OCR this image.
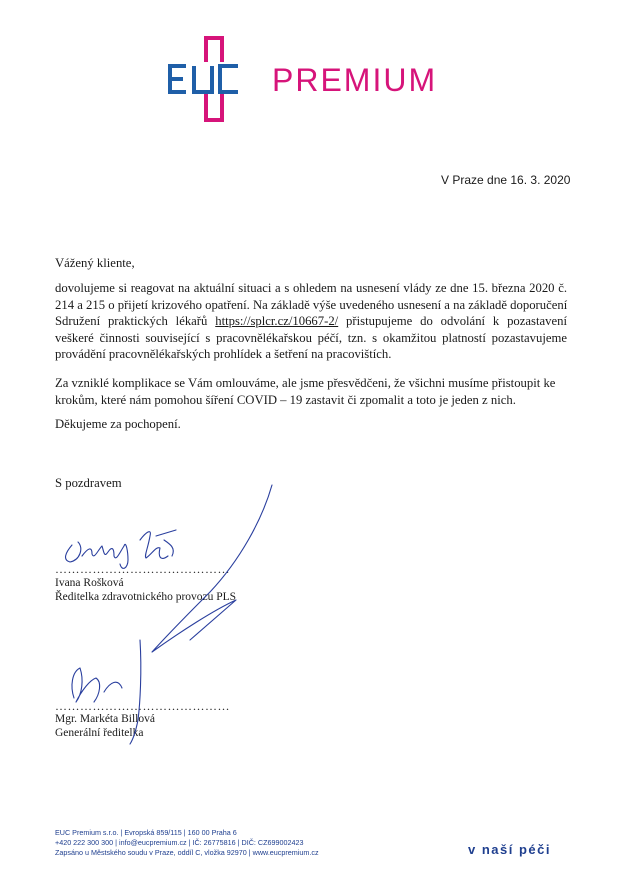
PREMIUM
V Praze dne 16. 3. 2020
Vážený kliente,
dovolujeme si reagovat na aktuální situaci a s ohledem na usnesení vlády ze dne 15. března 2020 č.
214 a 215 o přijetí krizového opatření. Na základě výše uvedeného usnesení a na základě doporučení
Sdružení praktických lékařů https://splcr.cz/10667-2/ přistupujeme do odvolání k pozastavení
veškeré činnosti související s pracovnělékařskou péčí, tzn. s okamžitou platností pozastavujeme
provádění pracovnělékařských prohlídek a šetření na pracovištích.
Za vzniklé komplikace se Vám omlouváme, ale jsme přesvědčeni, že všichni musíme přistoupit ke
krokům, které nám pomohou šíření COVID – 19 zastavit či zpomalit a toto je jeden z nich.
Děkujeme za pochopení.
S pozdravem
……………………………………
Ivana Rošková
Ředitelka zdravotnického provozu PLS
……………………………………
Mgr. Markéta Billová
Generální ředitelka
EUC Premium s.r.o. | Evropská 859/115 | 160 00 Praha 6
+420 222 300 300 | info@eucpremium.cz | IČ: 26775816 | DIČ: CZ699002423
Zapsáno u Městského soudu v Praze, oddíl C, vložka 92970 | www.eucpremium.cz	v naší péči
